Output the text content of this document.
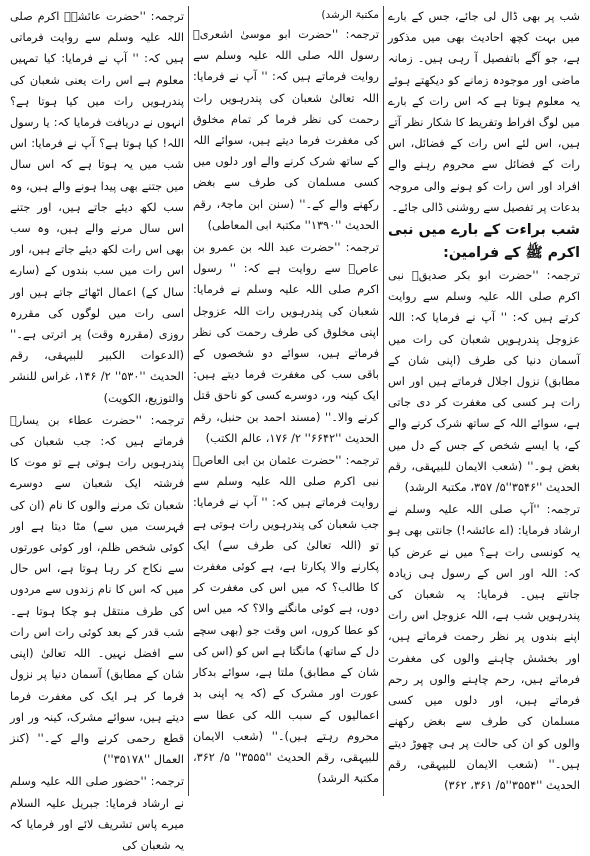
شب پر بھی ڈال لی جائے، جس کے بارے میں بہت کچھ احادیث بھی میں مذکور ہے، جو آگے باتفصیل آ رہی ہیں۔ زمانہ ماضی اور موجودہ زمانے کو دیکھتے ہوئے یہ معلوم ہوتا ہے کہ اس رات کے بارے میں لوگ افراط وتفریط کا شکار نظر آتے ہیں، اس لئے اس رات کے فضائل، اس رات کے فضائل سے محروم رہنے والے افراد اور اس رات کو ہونے والی مروجہ بدعات پر تفصیل سے روشنی ڈالی جائے۔

شب براءت کے بارے میں نبی اکرم ﷺ کے فرامین:

ترجمہ: ''حضرت ابو بکر صدیقؓ نبی اکرم صلی اللہ علیہ وسلم سے روایت کرتے ہیں کہ: '' آپ نے فرمایا کہ: اللہ عزوجل پندرہویں شعبان کی رات میں آسمان دنیا کی طرف (اپنی شان کے مطابق) نزول اجلال فرماتے ہیں اور اس رات ہر کسی کی مغفرت کر دی جاتی ہے، سوائے اللہ کے ساتھ شرک کرنے والے کے، یا ایسے شخص کے جس کے دل میں بغض ہو۔'' (شعب الایمان للبیہقی، رقم الحدیث ''۳۵۴۶''۵/ ۳۵۷، مکتبۃ الرشد)

ترجمہ: ''آپ صلی اللہ علیہ وسلم نے ارشاد فرمایا: (اے عائشہ!) جانتی بھی ہو یہ کونسی رات ہے؟ میں نے عرض کیا کہ: اللہ اور اس کے رسول ہی زیادہ جانتے ہیں۔ فرمایا: یہ شعبان کی پندرہویں شب ہے، اللہ عزوجل اس رات اپنے بندوں پر نظر رحمت فرماتے ہیں، اور بخشش چاہنے والوں کی مغفرت فرماتے ہیں، رحم چاہنے والوں پر رحم فرماتے ہیں، اور دلوں میں کسی مسلمان کی طرف سے بغض رکھنے والوں کو ان کی حالت پر ہی چھوڑ دیتے ہیں۔'' (شعب الایمان للبیہقی، رقم الحدیث ''۳۵۵۴''۵/ ۳۶۱، ۳۶۲)

مکتبۃ الرشد)

ترجمہ: ''حضرت ابو موسیٰ اشعریؓ رسول اللہ صلی اللہ علیہ وسلم سے روایت فرماتے ہیں کہ: '' آپ نے فرمایا: اللہ تعالیٰ شعبان کی پندرہویں رات رحمت کی نظر فرما کر تمام مخلوق کی مغفرت فرما دیتے ہیں، سوائے اللہ کے ساتھ شرک کرنے والے اور دلوں میں کسی مسلمان کی طرف سے بغض رکھنے والے کے۔'' (سنن ابن ماجۃ، رقم الحدیث ''۱۳۹۰'' مکتبۃ ابی المعاطی)

ترجمہ: ''حضرت عبد اللہ بن عمرو بن عاصؓ سے روایت ہے کہ: '' رسول اکرم صلی اللہ علیہ وسلم نے فرمایا: شعبان کی پندرہویں رات اللہ عزوجل اپنی مخلوق کی طرف رحمت کی نظر فرماتے ہیں، سوائے دو شخصوں کے باقی سب کی مغفرت فرما دیتے ہیں: ایک کینہ ور، دوسرے کسی کو ناحق قتل کرنے والا۔'' (مسند احمد بن حنبل، رقم الحدیث ''۶۶۴۲'' ۲/ ۱۷۶، عالم الکتب)

ترجمہ: ''حضرت عثمان بن ابی العاصؓ نبی اکرم صلی اللہ علیہ وسلم سے روایت فرماتے ہیں کہ: '' آپ نے فرمایا: جب شعبان کی پندرہویں رات ہوتی ہے تو (اللہ تعالیٰ کی طرف سے) ایک پکارنے والا پکارتا ہے، ہے کوئی مغفرت کا طالب؟ کہ میں اس کی مغفرت کر دوں، ہے کوئی مانگنے والا؟ کہ میں اس کو عطا کروں، اس وقت جو (بھی سچے دل کے ساتھ) مانگتا ہے اس کو (اس کی شان کے مطابق) ملتا ہے، سوائے بدکار عورت اور مشرک کے (کہ یہ اپنی بد اعمالیوں کے سبب اللہ کی عطا سے محروم رہتے ہیں)۔'' (شعب الایمان للبیہقی، رقم الحدیث ''۳۵۵۵'' ۵/ ۳۶۲، مکتبۃ الرشد)

ترجمہ: ''حضرت عائشہؓ اکرم صلی اللہ علیہ وسلم سے روایت فرماتی ہیں کہ: '' آپ نے فرمایا: کیا تمہیں معلوم ہے اس رات یعنی شعبان کی پندرہویں رات میں کیا ہوتا ہے؟ انہوں نے دریافت فرمایا کہ: یا رسول اللہ! کیا ہوتا ہے؟ آپ نے فرمایا: اس شب میں یہ ہوتا ہے کہ اس سال میں جتنے بھی پیدا ہونے والے ہیں، وہ سب لکھ دیئے جاتے ہیں، اور جتنے اس سال مرنے والے ہیں، وہ سب بھی اس رات لکھ دیئے جاتے ہیں، اور اس رات میں سب بندوں کے (سارے سال کے) اعمال اٹھائے جاتے ہیں اور اسی رات میں لوگوں کی مقررہ روزی (مقررہ وقت) پر اترتی ہے۔'' (الدعوات الکبیر للبیہقی، رقم الحدیث ''۵۳۰'' ۲/ ۱۴۶، غراس للنشر والتوزیع، الکویت)

ترجمہ: ''حضرت عطاء بن یسارؓ فرماتے ہیں کہ: جب شعبان کی پندرہویں رات ہوتی ہے تو موت کا فرشتہ ایک شعبان سے دوسرے شعبان تک مرنے والوں کا نام (ان کی فہرست میں سے) مٹا دیتا ہے اور کوئی شخص ظلم، اور کوئی عورتوں سے نکاح کر رہا ہوتا ہے، اس حال میں کہ اس کا نام زندوں سے مردوں کی طرف منتقل ہو چکا ہوتا ہے۔ شب قدر کے بعد کوئی رات اس رات سے افضل نہیں۔ اللہ تعالیٰ (اپنی شان کے مطابق) آسمان دنیا پر نزول فرما کر ہر ایک کی مغفرت فرما دیتے ہیں، سوائے مشرک، کینہ ور اور قطع رحمی کرنے والے کے۔'' (کنز العمال ''۳۵۱۷۸'')

ترجمہ: ''حضور صلی اللہ علیہ وسلم نے ارشاد فرمایا: جبریل علیہ السلام میرے پاس تشریف لائے اور فرمایا کہ یہ شعبان کی
